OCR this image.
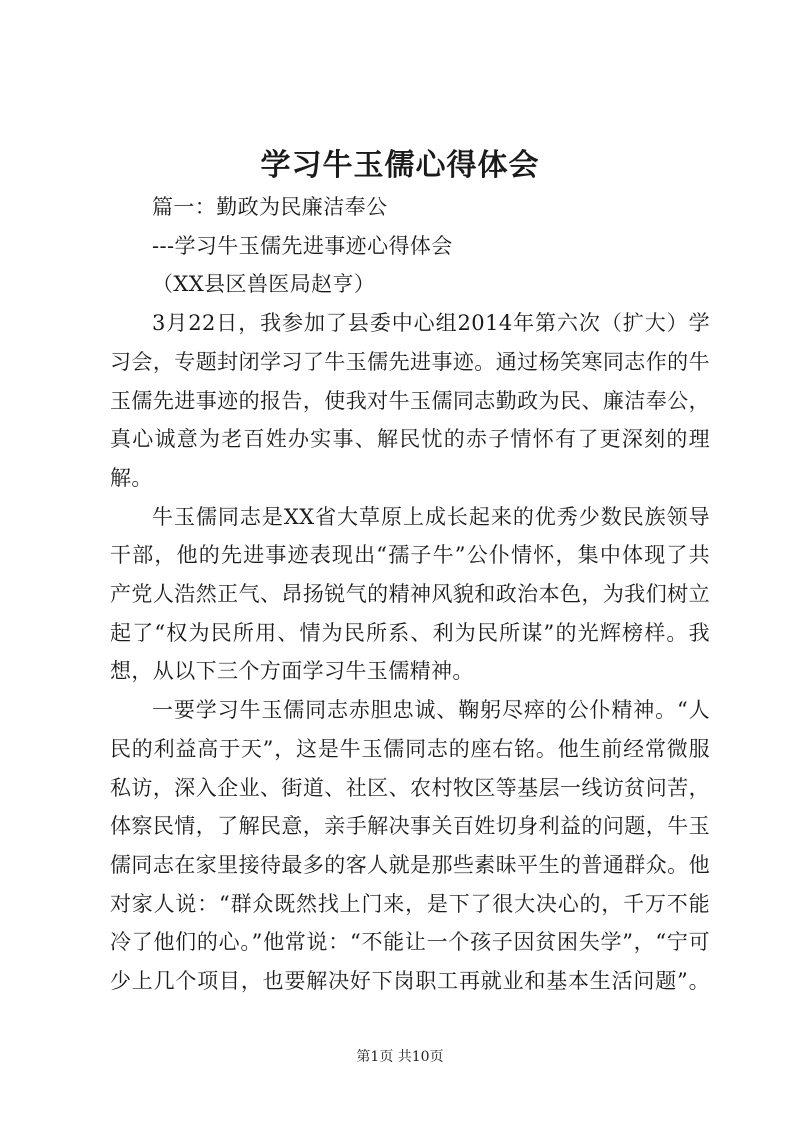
学习牛玉儒心得体会

篇一：勤政为民廉洁奉公

---学习牛玉儒先进事迹心得体会

（XX县区兽医局赵亨）

3月22日，我参加了县委中心组2014年第六次（扩大）学习会，专题封闭学习了牛玉儒先进事迹。通过杨笑寒同志作的牛玉儒先进事迹的报告，使我对牛玉儒同志勤政为民、廉洁奉公，真心诚意为老百姓办实事、解民忧的赤子情怀有了更深刻的理解。

牛玉儒同志是XX省大草原上成长起来的优秀少数民族领导干部，他的先进事迹表现出“孺子牛”公仆情怀，集中体现了共产党人浩然正气、昂扬锐气的精神风貌和政治本色，为我们树立起了“权为民所用、情为民所系、利为民所谋”的光辉榜样。我想，从以下三个方面学习牛玉儒精神。

一要学习牛玉儒同志赤胆忠诚、鞠躬尽瘁的公仆精神。“人民的利益高于天”，这是牛玉儒同志的座右铭。他生前经常微服私访，深入企业、街道、社区、农村牧区等基层一线访贫问苦，体察民情，了解民意，亲手解决事关百姓切身利益的问题，牛玉儒同志在家里接待最多的客人就是那些素昧平生的普通群众。他对家人说：“群众既然找上门来，是下了很大决心的，千万不能冷了他们的心。”他常说：“不能让一个孩子因贫困失学”，“宁可少上几个项目，也要解决好下岗职工再就业和基本生活问题”。

第1页 共10页
